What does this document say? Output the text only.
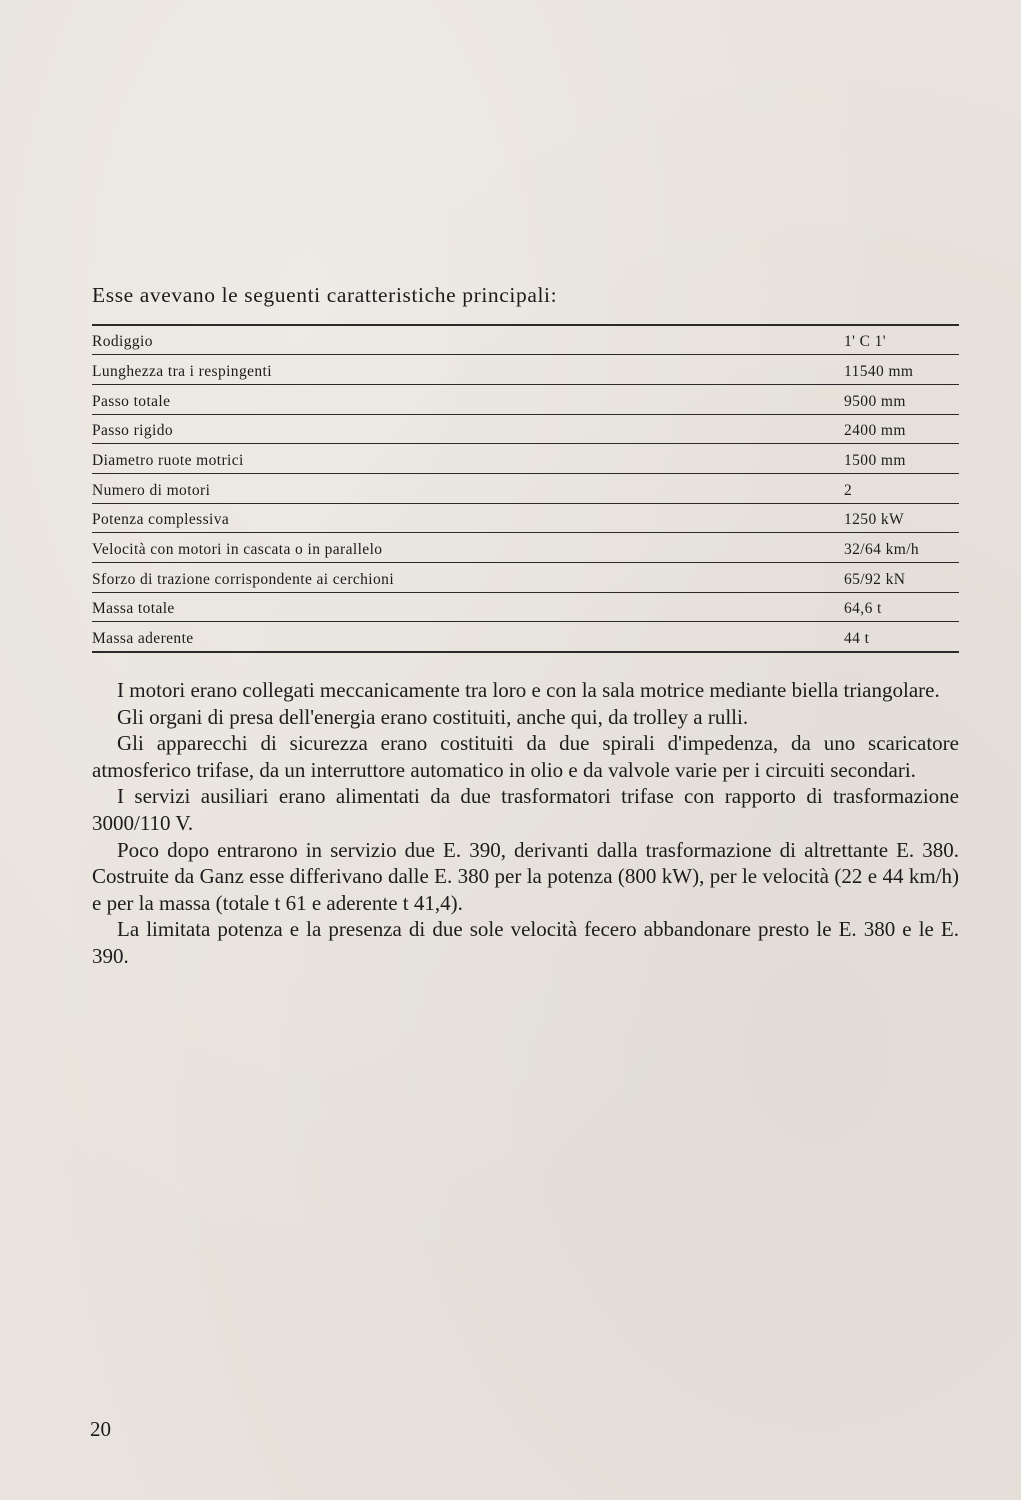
Esse avevano le seguenti caratteristiche principali:

Rodiggio	1' C 1'
Lunghezza tra i respingenti	11540 mm
Passo totale	9500 mm
Passo rigido	2400 mm
Diametro ruote motrici	1500 mm
Numero di motori	2
Potenza complessiva	1250 kW
Velocità con motori in cascata o in parallelo	32/64 km/h
Sforzo di trazione corrispondente ai cerchioni	65/92 kN
Massa totale	64,6 t
Massa aderente	44 t

I motori erano collegati meccanicamente tra loro e con la sala motrice mediante biella triangolare.

Gli organi di presa dell'energia erano costituiti, anche qui, da trolley a rulli.

Gli apparecchi di sicurezza erano costituiti da due spirali d'impedenza, da uno scaricatore atmosferico trifase, da un interruttore automatico in olio e da valvole varie per i circuiti secondari.

I servizi ausiliari erano alimentati da due trasformatori trifase con rapporto di trasformazione 3000/110 V.

Poco dopo entrarono in servizio due E. 390, derivanti dalla trasformazione di altrettante E. 380. Costruite da Ganz esse differivano dalle E. 380 per la potenza (800 kW), per le velocità (22 e 44 km/h) e per la massa (totale t 61 e aderente t 41,4).

La limitata potenza e la presenza di due sole velocità fecero abbandonare presto le E. 380 e le E. 390.

20
